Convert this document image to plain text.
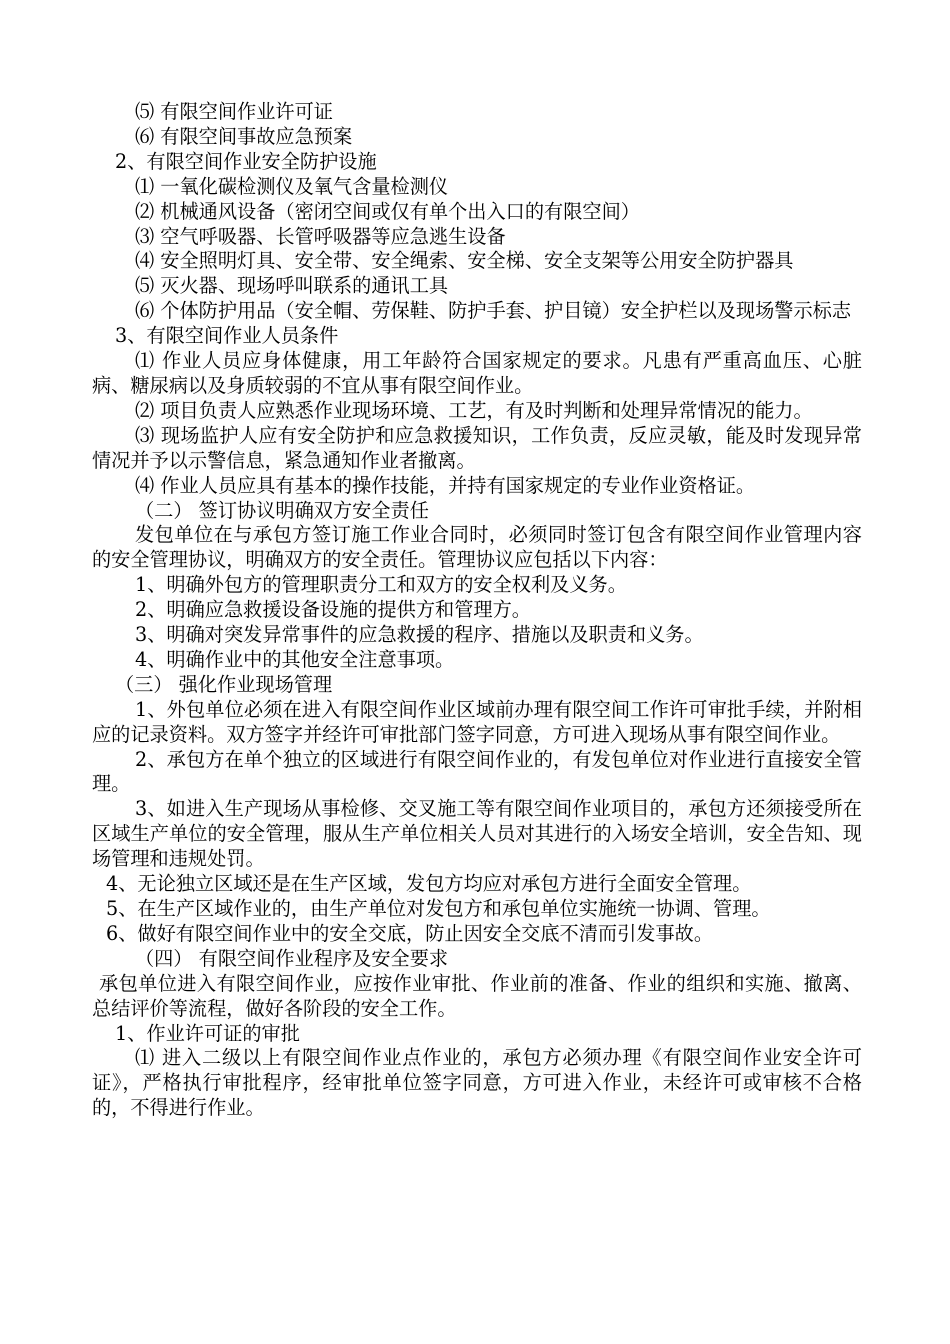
⑸ 有限空间作业许可证

⑹ 有限空间事故应急预案

2、有限空间作业安全防护设施

⑴ 一氧化碳检测仪及氧气含量检测仪

⑵ 机械通风设备（密闭空间或仅有单个出入口的有限空间）

⑶ 空气呼吸器、长管呼吸器等应急逃生设备

⑷ 安全照明灯具、安全带、安全绳索、安全梯、安全支架等公用安全防护器具

⑸ 灭火器、现场呼叫联系的通讯工具

⑹ 个体防护用品（安全帽、劳保鞋、防护手套、护目镜）安全护栏以及现场警示标志

3、有限空间作业人员条件

⑴ 作业人员应身体健康，用工年龄符合国家规定的要求。凡患有严重高血压、心脏病、糖尿病以及身质较弱的不宜从事有限空间作业。

⑵ 项目负责人应熟悉作业现场环境、工艺，有及时判断和处理异常情况的能力。

⑶ 现场监护人应有安全防护和应急救援知识，工作负责，反应灵敏，能及时发现异常情况并予以示警信息，紧急通知作业者撤离。

⑷ 作业人员应具有基本的操作技能，并持有国家规定的专业作业资格证。

（二） 签订协议明确双方安全责任

发包单位在与承包方签订施工作业合同时，必须同时签订包含有限空间作业管理内容的安全管理协议，明确双方的安全责任。管理协议应包括以下内容：

1、明确外包方的管理职责分工和双方的安全权利及义务。

2、明确应急救援设备设施的提供方和管理方。

3、明确对突发异常事件的应急救援的程序、措施以及职责和义务。

4、明确作业中的其他安全注意事项。

（三） 强化作业现场管理

1、外包单位必须在进入有限空间作业区域前办理有限空间工作许可审批手续，并附相应的记录资料。双方签字并经许可审批部门签字同意，方可进入现场从事有限空间作业。

2、承包方在单个独立的区域进行有限空间作业的，有发包单位对作业进行直接安全管理。

3、如进入生产现场从事检修、交叉施工等有限空间作业项目的，承包方还须接受所在区域生产单位的安全管理，服从生产单位相关人员对其进行的入场安全培训，安全告知、现场管理和违规处罚。

4、无论独立区域还是在生产区域，发包方均应对承包方进行全面安全管理。

5、在生产区域作业的，由生产单位对发包方和承包单位实施统一协调、管理。

6、做好有限空间作业中的安全交底，防止因安全交底不清而引发事故。

（四） 有限空间作业程序及安全要求

承包单位进入有限空间作业，应按作业审批、作业前的准备、作业的组织和实施、撤离、总结评价等流程，做好各阶段的安全工作。

1、作业许可证的审批

⑴ 进入二级以上有限空间作业点作业的，承包方必须办理《有限空间作业安全许可证》，严格执行审批程序，经审批单位签字同意，方可进入作业，未经许可或审核不合格的，不得进行作业。
